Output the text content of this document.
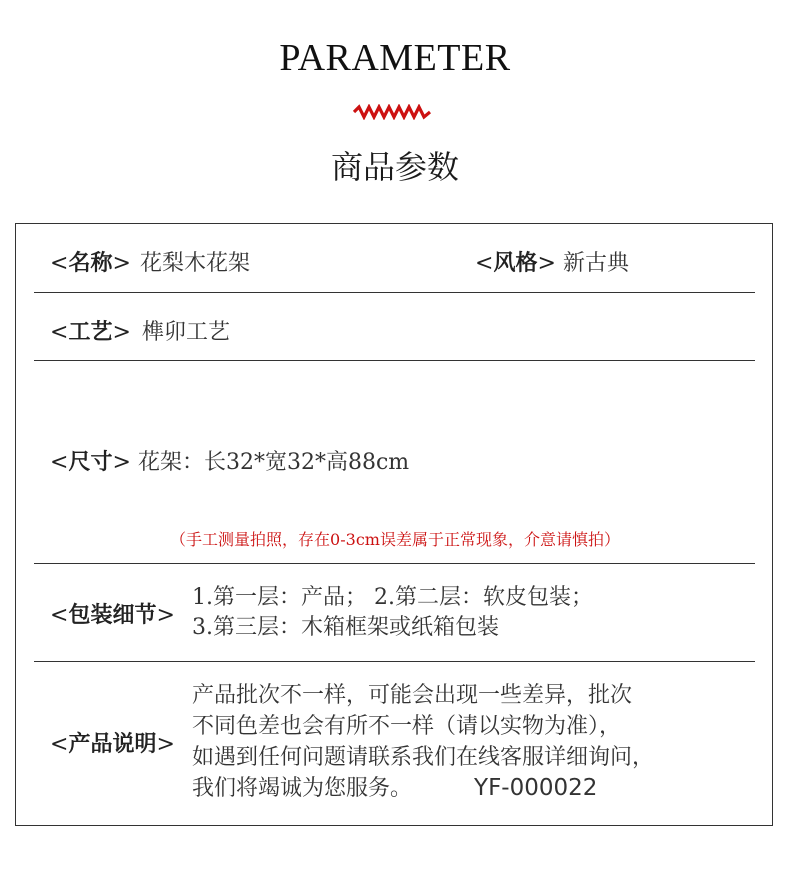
PARAMETER
商品参数
<名称> 花梨木花架	<风格> 新古典
<工艺> 榫卯工艺
<尺寸> 花架：长32*宽32*高88cm
（手工测量拍照，存在0-3cm误差属于正常现象，介意请慎拍）
<包装细节>
1.第一层：产品； 2.第二层：软皮包装；
3.第三层：木箱框架或纸箱包装
<产品说明>
产品批次不一样，可能会出现一些差异，批次
不同色差也会有所不一样（请以实物为准），
如遇到任何问题请联系我们在线客服详细询问，
我们将竭诚为您服务。	YF-000022
